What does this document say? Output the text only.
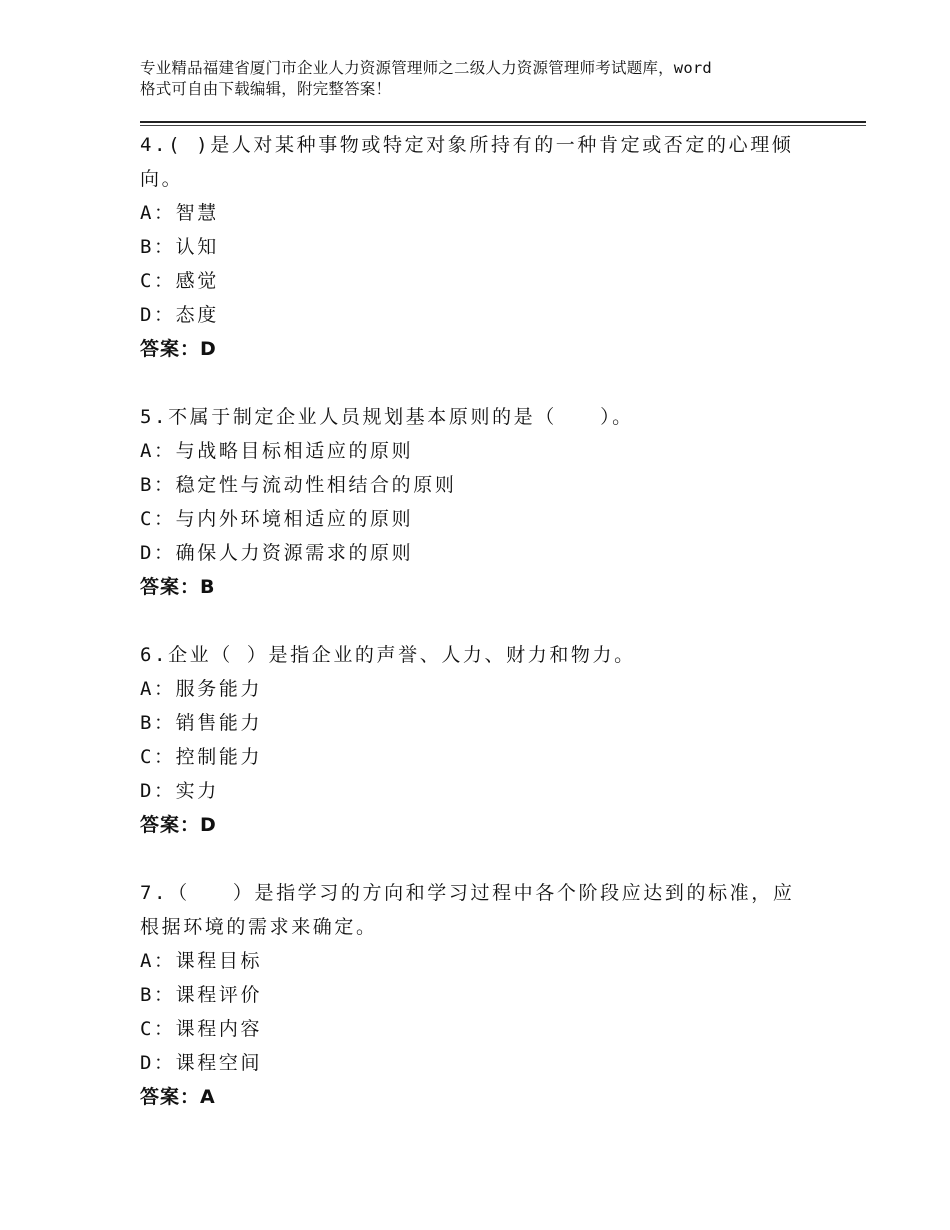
专业精品福建省厦门市企业人力资源管理师之二级人力资源管理师考试题库，word
格式可自由下载编辑，附完整答案！
4.( )是人对某种事物或特定对象所持有的一种肯定或否定的心理倾
向。
A：智慧
B：认知
C：感觉
D：态度
答案：D
5.不属于制定企业人员规划基本原则的是（　　）。
A：与战略目标相适应的原则
B：稳定性与流动性相结合的原则
C：与内外环境相适应的原则
D：确保人力资源需求的原则
答案：B
6.企业（ ）是指企业的声誉、人力、财力和物力。
A：服务能力
B：销售能力
C：控制能力
D：实力
答案：D
7.（　　）是指学习的方向和学习过程中各个阶段应达到的标准，应
根据环境的需求来确定。
A：课程目标
B：课程评价
C：课程内容
D：课程空间
答案：A
